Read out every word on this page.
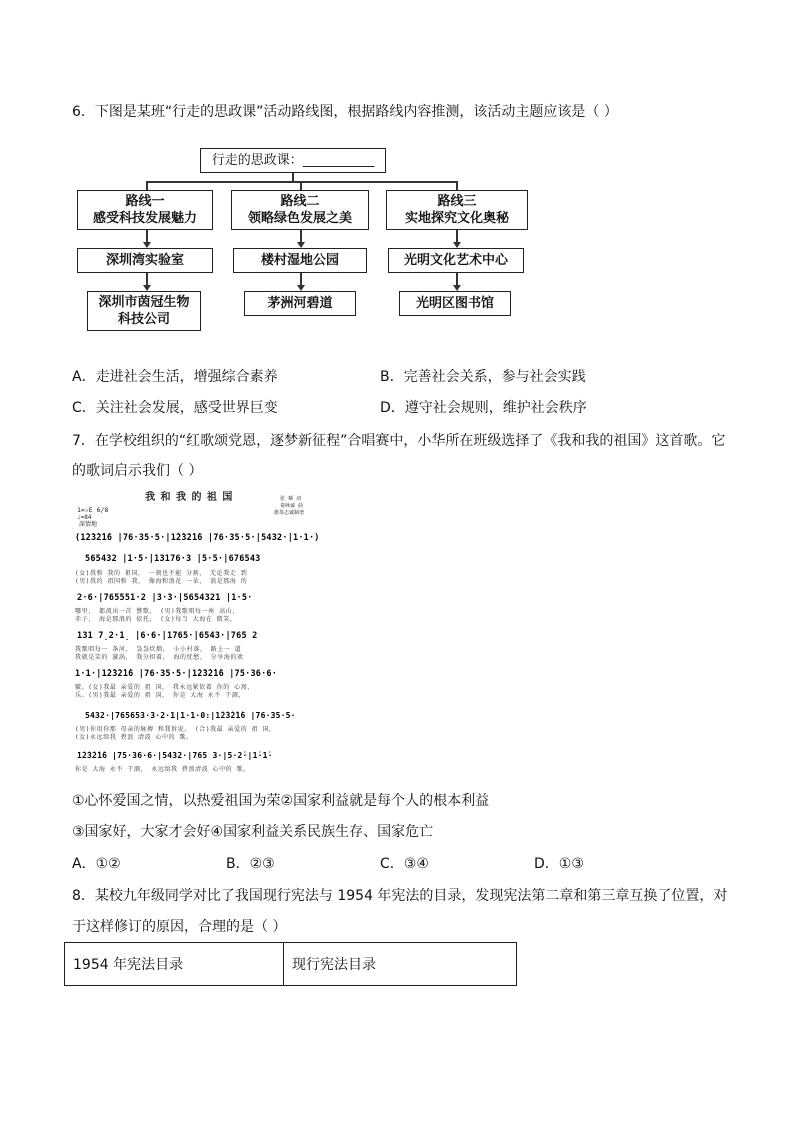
6．下图是某班“行走的思政课”活动路线图，根据路线内容推测，该活动主题应该是（ ）
行走的思政课：___________
路线一
感受科技发展魅力
深圳湾实验室
深圳市茵冠生物
科技公司
路线二
领略绿色发展之美
楼村湿地公园
茅洲河碧道
路线三
实地探究文化奥秘
光明文化艺术中心
光明区图书馆
A．走进社会生活，增强综合素养	B．完善社会关系，参与社会实践
C．关注社会发展，感受世界巨变	D．遵守社会规则，维护社会秩序
7．在学校组织的“红歌颂党恩，逐梦新征程”合唱赛中，小华所在班级选择了《我和我的祖国》这首歌。它
的歌词启示我们（ ）
我 和 我 的 祖 国	张 藜 词
秦咏诚 曲
旗茶志诚制谱
1=♭E 6/8
♩=84
深情地
(1̇2̇3̇2̇1̇6 |76·35·5·|1̇2̇3̇2̇1̇6 |76·35·5·|5432·|1·1·)
565432 |1·5·|13176·3 |5·5·|676543
(女)我和 我的 祖国， 一刻也不能 分割， 无论我走 到
(男)我的 祖国和 我， 像海和浪花 一朵， 浪是那海 的
2·6·|765551·2 |3·3·|5654321 |1·5·
哪里， 都流出一首 赞歌， (男)我歌唱每一座 高山，
赤子， 海是那浪的 依托， (女)每当 大海在 微笑，
131 7̣2·1̣ |6·6·|1765·|6543·|765 2
我歌唱每一 条河， 袅袅炊烟， 小小村落， 路上一 道
我就是笑的 漩涡， 我分担着， 海的忧愁， 分享海的欢
1·1·|1̇2̇3̇2̇1̇6 |76·35·5·|1̇2̇3̇2̇1̇6 |75·36·6·
辙。(女)我最 亲爱的 祖 国， 我永远紧依着 你的 心窝，
乐。(男)我最 亲爱的 祖 国， 你是 大海 永不 干涸，
5432·|765653·3·2·1|1·1·0:|1̇2̇3̇2̇1̇6 |76·35·5·
(男)你用你那 母亲的脉搏 和我诉说。 (合)我最 亲爱的 祖 国，
(女)永远给我 碧浪 清波 心中的 歌。
1̇2̇3̇2̇1̇6 |75·36·6·|5432·|765 3·|5·2̇·|1̇·1̇·
你是 大海 永不 干涸， 永远给我 碧浪清波 心中的 歌。
①心怀爱国之情，以热爱祖国为荣②国家利益就是每个人的根本利益
③国家好，大家才会好④国家利益关系民族生存、国家危亡
A．①②	B．②③	C．③④	D．①③
8．某校九年级同学对比了我国现行宪法与 1954 年宪法的目录，发现宪法第二章和第三章互换了位置，对
于这样修订的原因，合理的是（ ）
1954 年宪法目录	现行宪法目录
